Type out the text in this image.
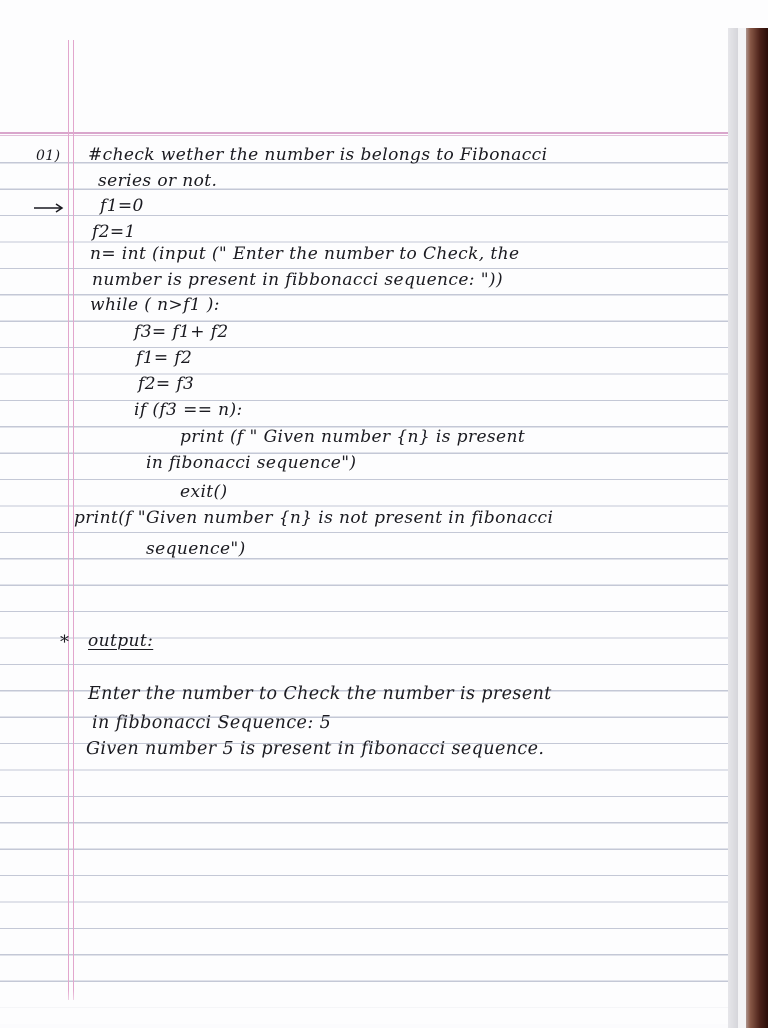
01) #check wether the number is belongs to Fibonacci
series or not.
f1=0
f2=1
n= int (input (" Enter the number to Check, the
number is present in fibbonacci sequence: "))
while ( n>f1 ):
f3= f1+ f2
f1= f2
f2= f3
if (f3 == n):
print (f " Given number {n} is present
in fibonacci sequence")
exit()
print(f "Given number {n} is not present in fibonacci
sequence")
* output:
Enter the number to Check the number is present
in fibbonacci Sequence: 5
Given number 5 is present in fibonacci sequence.
